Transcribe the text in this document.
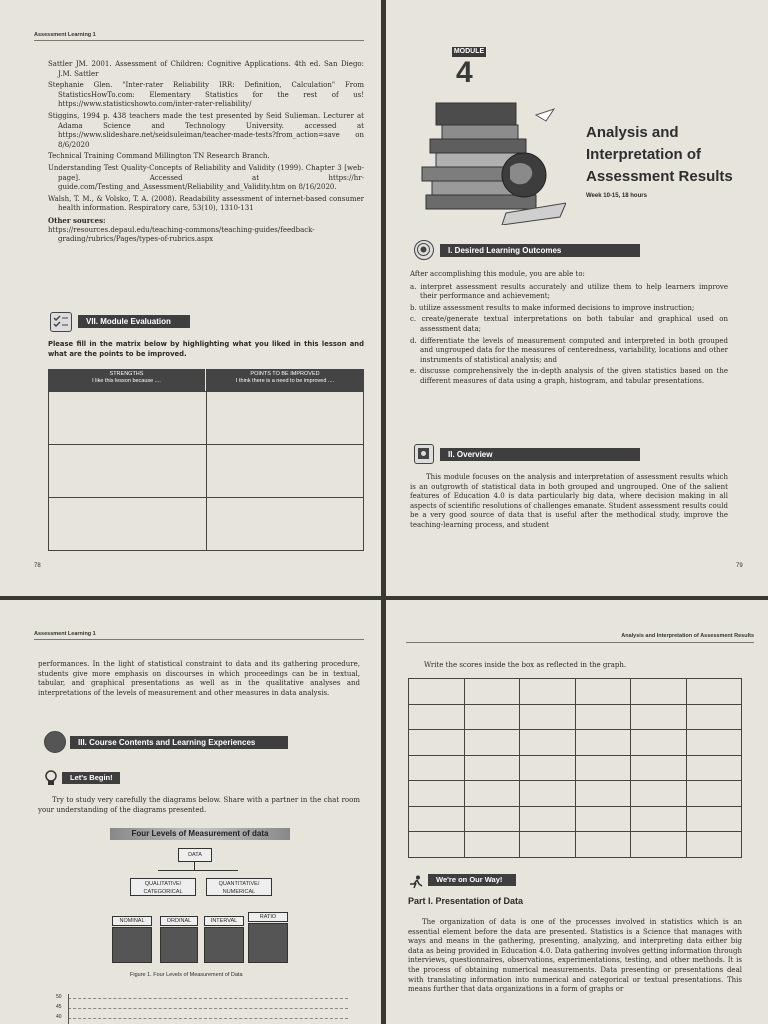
Assessment Learning 1
Sattler JM. 2001. Assessment of Children: Cognitive Applications. 4th ed. San Diego: J.M. Sattler
Stephanie Glen. "Inter-rater Reliability IRR: Definition, Calculation" From StatisticsHowTo.com: Elementary Statistics for the rest of us! https://www.statisticshowto.com/inter-rater-reliability/
Stiggins, 1994 p. 438 teachers made the test presented by Seid Sulieman. Lecturer at Adama Science and Technology University. accessed at https://www.slideshare.net/seidsuleiman/teacher-made-tests?from_action=save on 8/6/2020
Technical Training Command Millington TN Research Branch.
Understanding Test Quality-Concepts of Reliability and Validity (1999). Chapter 3 [web-page]. Accessed at https://hr- guide.com/Testing_and_Assessment/Reliability_and_Validity.htm on 8/16/2020.
Walsh, T. M., & Volsko, T. A. (2008). Readability assessment of internet-based consumer health information. Respiratory care, 53(10), 1310-131
Other sources:
https://resources.depaul.edu/teaching-commons/teaching-guides/feedback-grading/rubrics/Pages/types-of-rubrics.aspx
VII. Module Evaluation
Please fill in the matrix below by highlighting what you liked in this lesson and what are the points to be improved.
STRENGTHS
I like this lesson because ....
POINTS TO BE IMPROVED
I think there is a need to be improved ....

78
MODULE
4
Analysis and
Interpretation of
Assessment Results
Week 10-15, 18 hours
I. Desired Learning Outcomes
After accomplishing this module, you are able to:
a. interpret assessment results accurately and utilize them to help learners improve their performance and achievement;
b. utilize assessment results to make informed decisions to improve instruction;
c. create/generate textual interpretations on both tabular and graphical used on assessment data;
d. differentiate the levels of measurement computed and interpreted in both grouped and ungrouped data for the measures of centeredness, variability, locations and other instruments of statistical analysis; and
e. discusse comprehensively the in-depth analysis of the given statistics based on the different measures of data using a graph, histogram, and tabular presentations.
II. Overview
This module focuses on the analysis and interpretation of assessment results which is an outgrowth of statistical data in both grouped and ungrouped. One of the salient features of Education 4.0 is data particularly big data, where decision making in all aspects of scientific resolutions of challenges emanate. Student assessment results could be a very good source of data that is useful after the methodical study, improve the teaching-learning process, and student
79
Assessment Learning 1
performances. In the light of statistical constraint to data and its gathering procedure, students give more emphasis on discourses in which proceedings can be in textual, tabular, and graphical presentations as well as in the qualitative analyses and interpretations of the levels of measurement and other measures in data analysis.
III. Course Contents and Learning Experiences
Let's Begin!
Try to study very carefully the diagrams below. Share with a partner in the chat room your understanding of the diagrams presented.
Four Levels of Measurement of data
DATA
QUALITATIVE/ CATEGORICAL
QUANTITATIVE/ NUMERICAL
NOMINAL	ORDINAL	INTERVAL
RATIO
Figure 1. Four Levels of Measurement of Data
50
45
40
Analysis and Interpretation of Assessment Results
Write the scores inside the box as reflected in the graph.

We're on Our Way!
Part I. Presentation of Data
The organization of data is one of the processes involved in statistics which is an essential element before the data are presented. Statistics is a Science that manages with ways and means in the gathering, presenting, analyzing, and interpreting data either big data as being provided in Education 4.0. Data gathering involves getting information through interviews, questionnaires, observations, experimentations, testing, and other methods. It is the process of obtaining numerical measurements. Data presenting or presentations deal with translating information into numerical and categorical or textual presentations. This means further that data organizations in a form of graphs or
